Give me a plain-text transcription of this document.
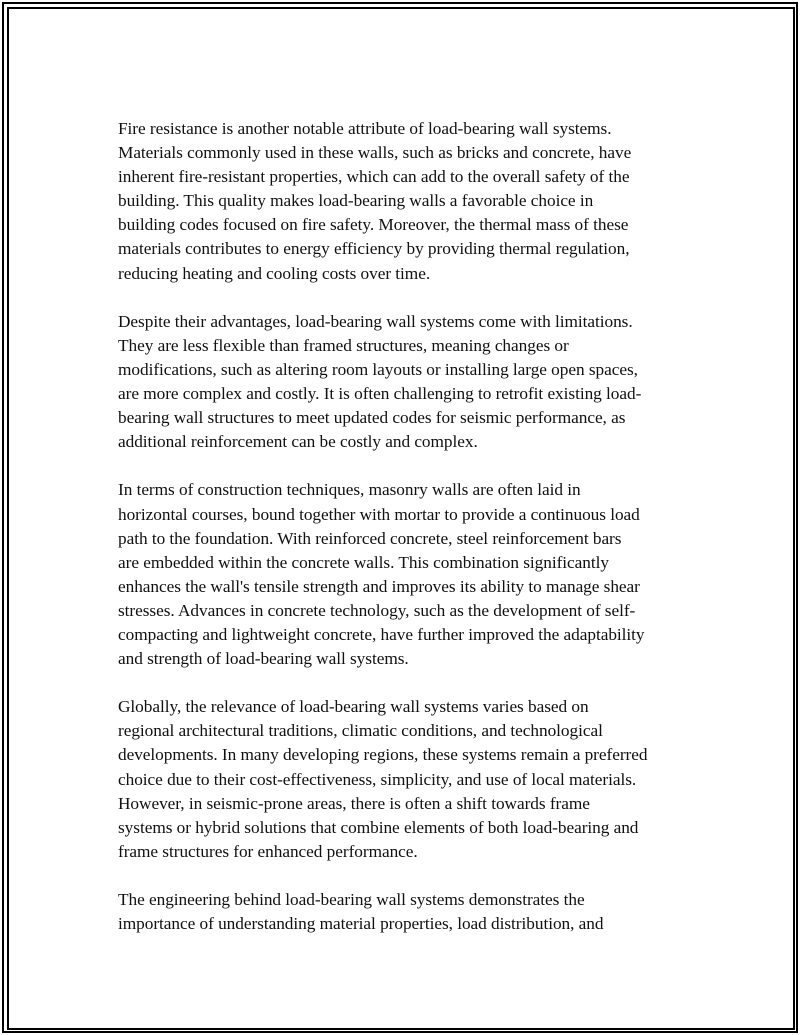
Fire resistance is another notable attribute of load-bearing wall systems.
Materials commonly used in these walls, such as bricks and concrete, have
inherent fire-resistant properties, which can add to the overall safety of the
building. This quality makes load-bearing walls a favorable choice in
building codes focused on fire safety. Moreover, the thermal mass of these
materials contributes to energy efficiency by providing thermal regulation,
reducing heating and cooling costs over time.

Despite their advantages, load-bearing wall systems come with limitations.
They are less flexible than framed structures, meaning changes or
modifications, such as altering room layouts or installing large open spaces,
are more complex and costly. It is often challenging to retrofit existing load-
bearing wall structures to meet updated codes for seismic performance, as
additional reinforcement can be costly and complex.

In terms of construction techniques, masonry walls are often laid in
horizontal courses, bound together with mortar to provide a continuous load
path to the foundation. With reinforced concrete, steel reinforcement bars
are embedded within the concrete walls. This combination significantly
enhances the wall's tensile strength and improves its ability to manage shear
stresses. Advances in concrete technology, such as the development of self-
compacting and lightweight concrete, have further improved the adaptability
and strength of load-bearing wall systems.

Globally, the relevance of load-bearing wall systems varies based on
regional architectural traditions, climatic conditions, and technological
developments. In many developing regions, these systems remain a preferred
choice due to their cost-effectiveness, simplicity, and use of local materials.
However, in seismic-prone areas, there is often a shift towards frame
systems or hybrid solutions that combine elements of both load-bearing and
frame structures for enhanced performance.

The engineering behind load-bearing wall systems demonstrates the
importance of understanding material properties, load distribution, and
